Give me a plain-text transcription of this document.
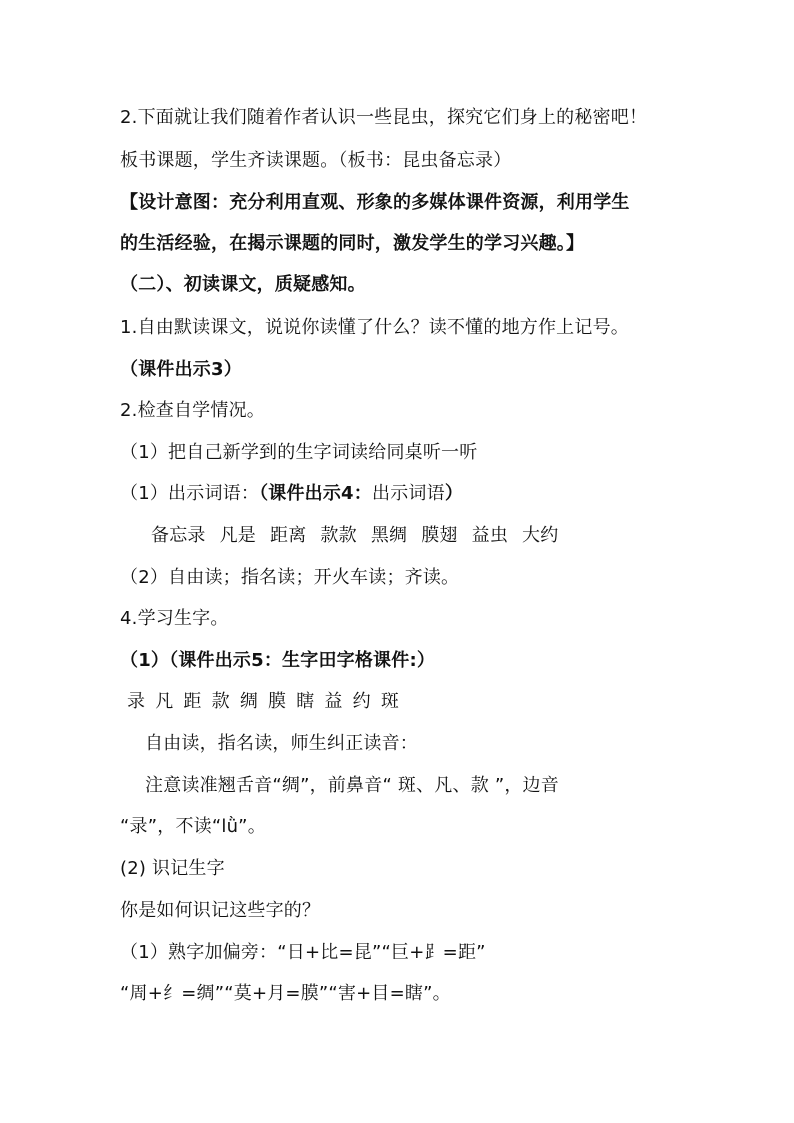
2.下面就让我们随着作者认识一些昆虫，探究它们身上的秘密吧！
板书课题，学生齐读课题。（板书：昆虫备忘录）
【设计意图：充分利用直观、形象的多媒体课件资源，利用学生
的生活经验，在揭示课题的同时，激发学生的学习兴趣。】
（二）、初读课文，质疑感知。
1.自由默读课文，说说你读懂了什么？读不懂的地方作上记号。
（课件出示3）
2.检查自学情况。
（1）把自己新学到的生字词读给同桌听一听
（1）出示词语：（课件出示4：出示词语）
备忘录 凡是 距离 款款 黑绸 膜翅 益虫 大约
（2）自由读；指名读；开火车读；齐读。
4.学习生字。
（1）（课件出示5：生字田字格课件:）
录 凡 距 款 绸 膜 瞎 益 约 斑
自由读，指名读，师生纠正读音：
注意读准翘舌音“绸”，前鼻音“ 斑、凡、款 ”，边音
“录”，不读“lǜ”。
(2) 识记生字
你是如何识记这些字的？
（1）熟字加偏旁：“日+比=昆”“巨+⻊=距”
“周+纟=绸”“莫+月=膜”“害+目=瞎”。
